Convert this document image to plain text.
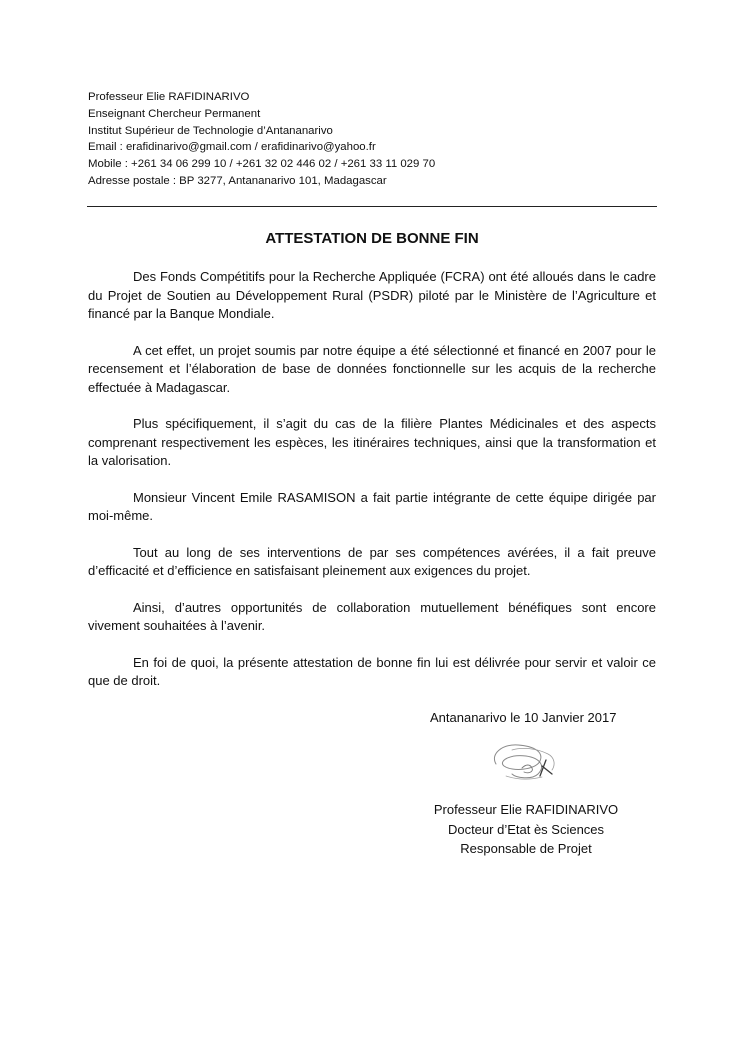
Professeur Elie RAFIDINARIVO
Enseignant Chercheur Permanent
Institut Supérieur de Technologie d’Antananarivo
Email : erafidinarivo@gmail.com / erafidinarivo@yahoo.fr
Mobile : +261 34 06 299 10 / +261 32 02 446 02 / +261 33 11 029 70
Adresse postale : BP 3277, Antananarivo 101, Madagascar
ATTESTATION DE BONNE FIN

Des Fonds Compétitifs pour la Recherche Appliquée (FCRA) ont été alloués dans le cadre du Projet de Soutien au Développement Rural (PSDR) piloté par le Ministère de l’Agriculture et financé par la Banque Mondiale.

A cet effet, un projet soumis par notre équipe a été sélectionné et financé en 2007 pour le recensement et l’élaboration de base de données fonctionnelle sur les acquis de la recherche effectuée à Madagascar.

Plus spécifiquement, il s’agit du cas de la filière Plantes Médicinales et des aspects comprenant respectivement les espèces, les itinéraires techniques, ainsi que la transformation et la valorisation.

Monsieur Vincent Emile RASAMISON a fait partie intégrante de cette équipe dirigée par moi-même.

Tout au long de ses interventions de par ses compétences avérées, il a fait preuve d’efficacité et d’efficience en satisfaisant pleinement aux exigences du projet.

Ainsi, d’autres opportunités de collaboration mutuellement bénéfiques sont encore vivement souhaitées à l’avenir.

En foi de quoi, la présente attestation de bonne fin lui est délivrée pour servir et valoir ce que de droit.

Antananarivo le 10 Janvier 2017
Professeur Elie RAFIDINARIVO
Docteur d’Etat ès Sciences
Responsable de Projet
